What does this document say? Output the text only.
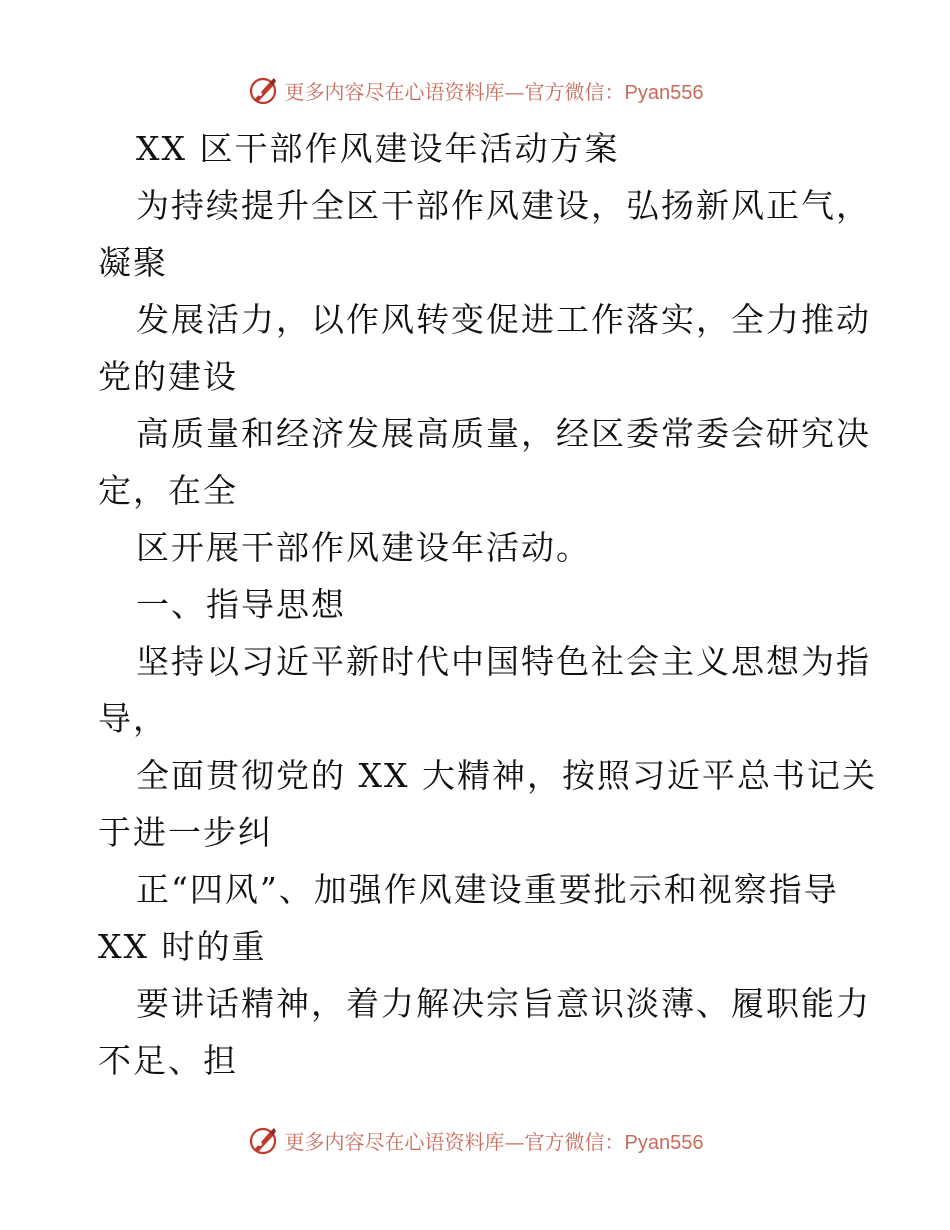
更多内容尽在心语资料库—官方微信：Pyan556
XX 区干部作风建设年活动方案
为持续提升全区干部作风建设，弘扬新风正气，
凝聚
发展活力，以作风转变促进工作落实，全力推动
党的建设
高质量和经济发展高质量，经区委常委会研究决
定，在全
区开展干部作风建设年活动。
一、指导思想
坚持以习近平新时代中国特色社会主义思想为指
导，
全面贯彻党的 XX 大精神，按照习近平总书记关
于进一步纠
正“四风”、加强作风建设重要批示和视察指导
XX 时的重
要讲话精神，着力解决宗旨意识淡薄、履职能力
不足、担
更多内容尽在心语资料库—官方微信：Pyan556
